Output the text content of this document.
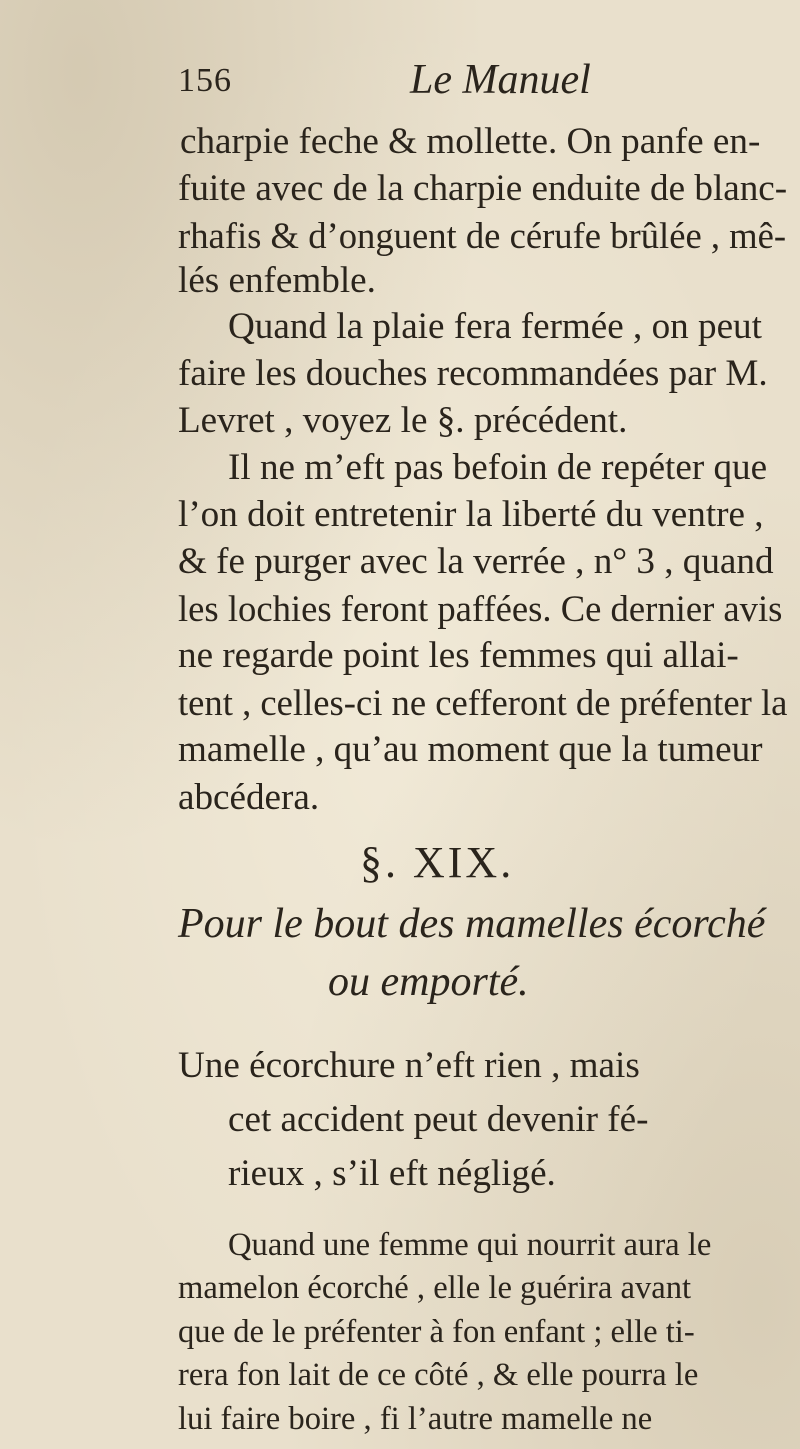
156	Le Manuel
charpie feche & mollette. On panfe en-
fuite avec de la charpie enduite de blanc-
rhafis & d’onguent de cérufe brûlée , mê-
lés enfemble.
Quand la plaie fera fermée , on peut
faire les douches recommandées par M.
Levret , voyez le §. précédent.
Il ne m’eft pas befoin de repéter que
l’on doit entretenir la liberté du ventre ,
& fe purger avec la verrée , n° 3 , quand
les lochies feront paffées. Ce dernier avis
ne regarde point les femmes qui allai-
tent , celles-ci ne cefferont de préfenter la
mamelle , qu’au moment que la tumeur
abcédera.
§. XIX.
Pour le bout des mamelles écorché
ou emporté.
Une écorchure n’eft rien , mais
cet accident peut devenir fé-
rieux , s’il eft négligé.
Quand une femme qui nourrit aura le
mamelon écorché , elle le guérira avant
que de le préfenter à fon enfant ; elle ti-
rera fon lait de ce côté , & elle pourra le
lui faire boire , fi l’autre mamelle ne
